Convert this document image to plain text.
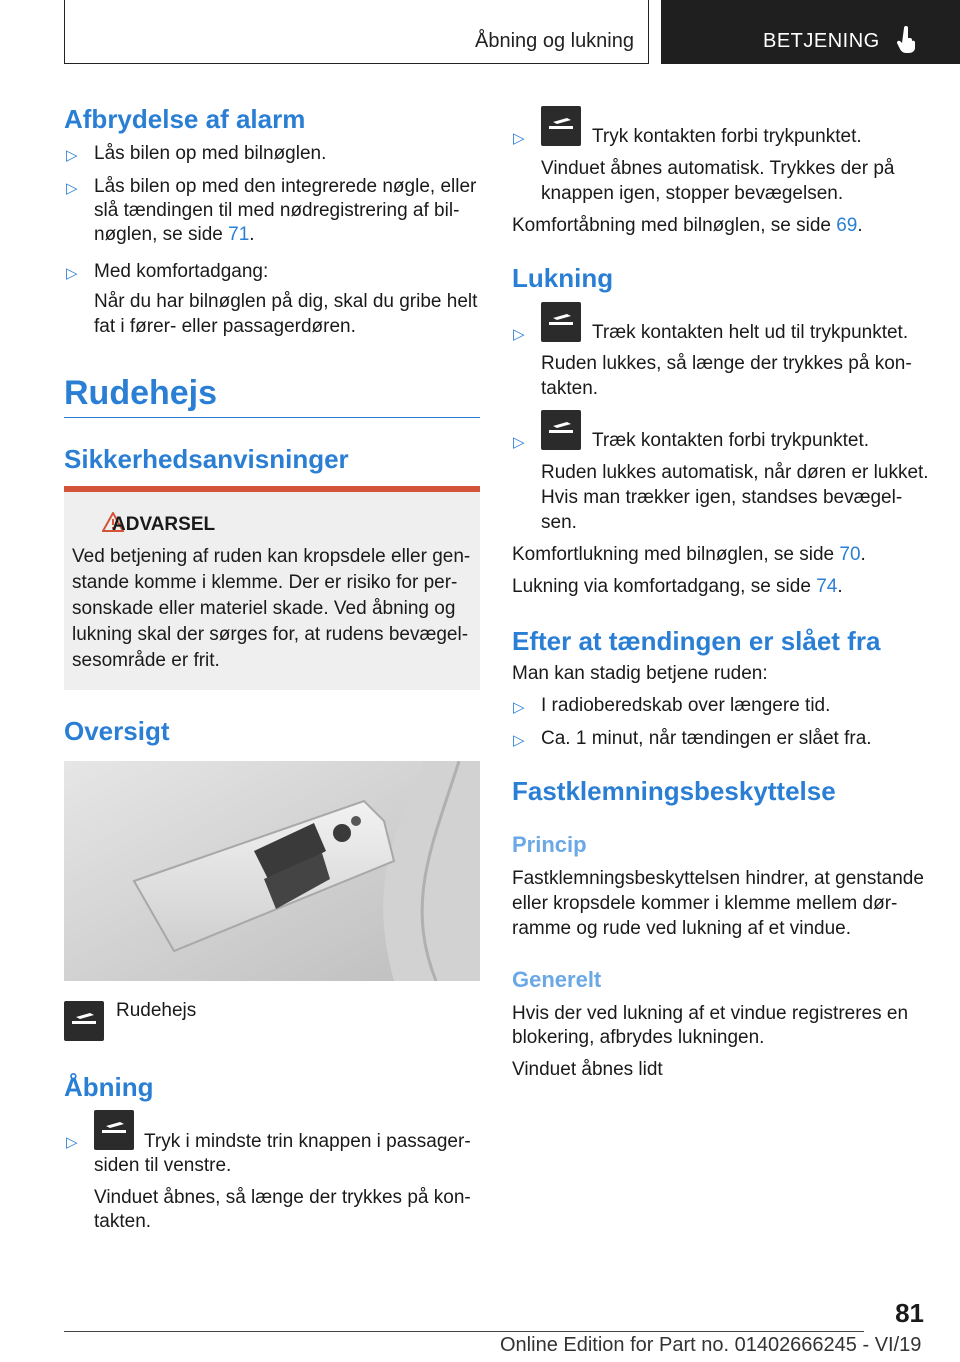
Åbning og lukning	BETJENING
Afbrydelse af alarm
▷ Lås bilen op med bilnøglen.
▷ Lås bilen op med den integrerede nøgle, eller
slå tændingen til med nødregistrering af bil-
nøglen, se side 71.
▷ Med komfortadgang:
Når du har bilnøglen på dig, skal du gribe helt
fat i fører- eller passagerdøren.
Rudehejs
Sikkerhedsanvisninger
ADVARSEL
Ved betjening af ruden kan kropsdele eller gen-
stande komme i klemme. Der er risiko for per-
sonskade eller materiel skade. Ved åbning og
lukning skal der sørges for, at rudens bevægel-
sesområde er frit.
Oversigt
Rudehejs
Åbning
▷	Tryk i mindste trin knappen i passager-
siden til venstre.
Vinduet åbnes, så længe der trykkes på kon-
takten.
▷	Tryk kontakten forbi trykpunktet.
Vinduet åbnes automatisk. Trykkes der på
knappen igen, stopper bevægelsen.
Komfortåbning med bilnøglen, se side 69.
Lukning
▷	Træk kontakten helt ud til trykpunktet.
Ruden lukkes, så længe der trykkes på kon-
takten.
▷	Træk kontakten forbi trykpunktet.
Ruden lukkes automatisk, når døren er lukket.
Hvis man trækker igen, standses bevægel-
sen.
Komfortlukning med bilnøglen, se side 70.
Lukning via komfortadgang, se side 74.
Efter at tændingen er slået fra
Man kan stadig betjene ruden:
▷ I radioberedskab over længere tid.
▷ Ca. 1 minut, når tændingen er slået fra.
Fastklemningsbeskyttelse
Princip
Fastklemningsbeskyttelsen hindrer, at genstande
eller kropsdele kommer i klemme mellem dør-
ramme og rude ved lukning af et vindue.
Generelt
Hvis der ved lukning af et vindue registreres en
blokering, afbrydes lukningen.
Vinduet åbnes lidt
81
Online Edition for Part no. 01402666245 - VI/19
